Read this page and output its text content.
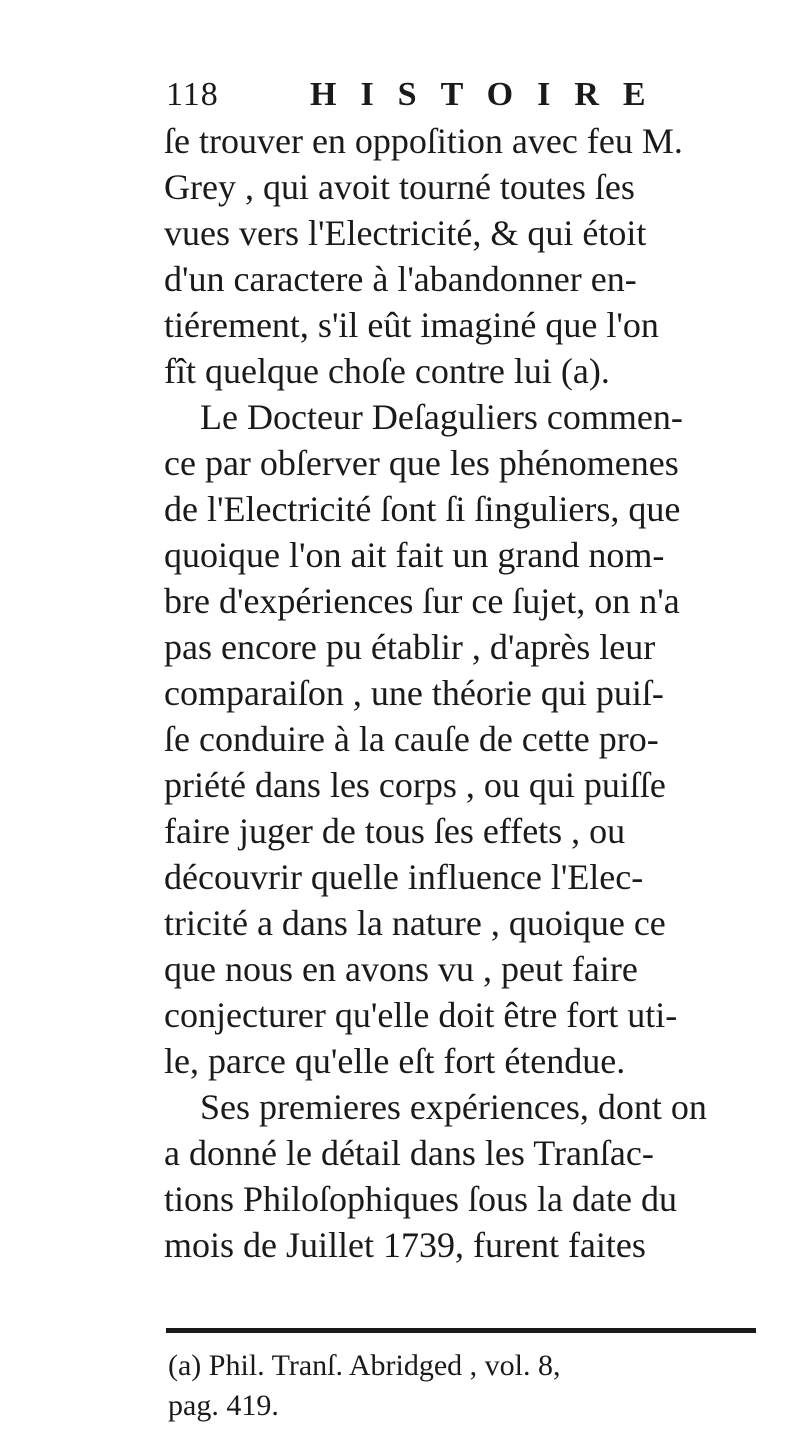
118	HISTOIRE
ſe trouver en oppoſition avec feu M.
Grey , qui avoit tourné toutes ſes
vues vers l'Electricité, & qui étoit
d'un caractere à l'abandonner en-
tiérement, s'il eût imaginé que l'on
fît quelque choſe contre lui (a).
Le Docteur Deſaguliers commen-
ce par obſerver que les phénomenes
de l'Electricité ſont ſi ſinguliers, que
quoique l'on ait fait un grand nom-
bre d'expériences ſur ce ſujet, on n'a
pas encore pu établir , d'après leur
comparaiſon , une théorie qui puiſ-
ſe conduire à la cauſe de cette pro-
priété dans les corps , ou qui puiſſe
faire juger de tous ſes effets , ou
découvrir quelle influence l'Elec-
tricité a dans la nature , quoique ce
que nous en avons vu , peut faire
conjecturer qu'elle doit être fort uti-
le, parce qu'elle eſt fort étendue.
Ses premieres expériences, dont on
a donné le détail dans les Tranſac-
tions Philoſophiques ſous la date du
mois de Juillet 1739, furent faites
(a) Phil. Tranſ. Abridged , vol. 8,
pag. 419.
